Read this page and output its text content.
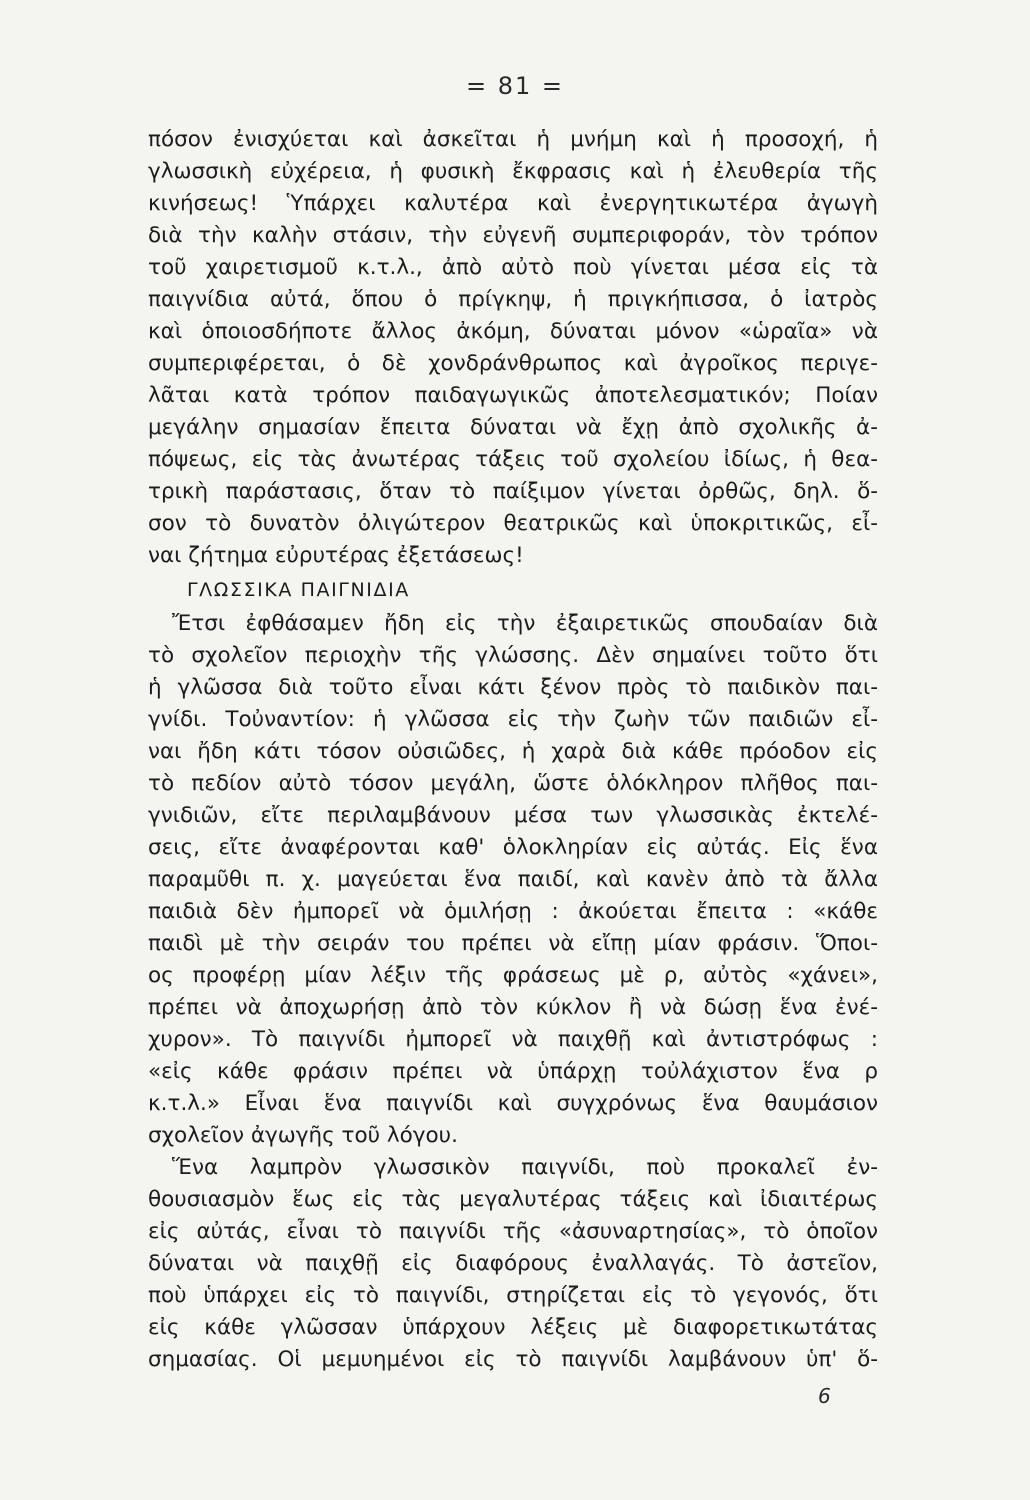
= 81 =
πόσον ἐνισχύεται καὶ ἀσκεῖται ἡ μνήμη καὶ ἡ προσοχή, ἡ
γλωσσικὴ εὐχέρεια, ἡ φυσικὴ ἔκφρασις καὶ ἡ ἐλευθερία τῆς
κινήσεως! Ὑπάρχει καλυτέρα καὶ ἐνεργητικωτέρα ἀγωγὴ
διὰ τὴν καλὴν στάσιν, τὴν εὐγενῆ συμπεριφοράν, τὸν τρόπον
τοῦ χαιρετισμοῦ κ.τ.λ., ἀπὸ αὐτὸ ποὺ γίνεται μέσα εἰς τὰ
παιγνίδια αὐτά, ὅπου ὁ πρίγκηψ, ἡ πριγκήπισσα, ὁ ἰατρὸς
καὶ ὁποιοσδήποτε ἄλλος ἀκόμη, δύναται μόνον «ὡραῖα» νὰ
συμπεριφέρεται, ὁ δὲ χονδράνθρωπος καὶ ἀγροῖκος περιγε-
λᾶται κατὰ τρόπον παιδαγωγικῶς ἀποτελεσματικόν; Ποίαν
μεγάλην σημασίαν ἔπειτα δύναται νὰ ἔχῃ ἀπὸ σχολικῆς ἀ-
πόψεως, εἰς τὰς ἀνωτέρας τάξεις τοῦ σχολείου ἰδίως, ἡ θεα-
τρικὴ παράστασις, ὅταν τὸ παίξιμον γίνεται ὀρθῶς, δηλ. ὅ-
σον τὸ δυνατὸν ὀλιγώτερον θεατρικῶς καὶ ὑποκριτικῶς, εἶ-
ναι ζήτημα εὐρυτέρας ἐξετάσεως!
ΓΛΩΣΣΙΚΑ ΠΑΙΓΝΙΔΙΑ
Ἔτσι ἐφθάσαμεν ἤδη εἰς τὴν ἐξαιρετικῶς σπουδαίαν διὰ
τὸ σχολεῖον περιοχὴν τῆς γλώσσης. Δὲν σημαίνει τοῦτο ὅτι
ἡ γλῶσσα διὰ τοῦτο εἶναι κάτι ξένον πρὸς τὸ παιδικὸν παι-
γνίδι. Τοὐναντίον: ἡ γλῶσσα εἰς τὴν ζωὴν τῶν παιδιῶν εἶ-
ναι ἤδη κάτι τόσον οὐσιῶδες, ἡ χαρὰ διὰ κάθε πρόοδον εἰς
τὸ πεδίον αὐτὸ τόσον μεγάλη, ὥστε ὁλόκληρον πλῆθος παι-
γνιδιῶν, εἴτε περιλαμβάνουν μέσα των γλωσσικὰς ἐκτελέ-
σεις, εἴτε ἀναφέρονται καθ' ὁλοκληρίαν εἰς αὐτάς. Εἰς ἕνα
παραμῦθι π. χ. μαγεύεται ἕνα παιδί, καὶ κανὲν ἀπὸ τὰ ἄλλα
παιδιὰ δὲν ἠμπορεῖ νὰ ὁμιλήσῃ : ἀκούεται ἔπειτα : «κάθε
παιδὶ μὲ τὴν σειράν του πρέπει νὰ εἴπῃ μίαν φράσιν. Ὅποι-
ος προφέρῃ μίαν λέξιν τῆς φράσεως μὲ ρ, αὐτὸς «χάνει»,
πρέπει νὰ ἀποχωρήσῃ ἀπὸ τὸν κύκλον ἢ νὰ δώσῃ ἕνα ἐνέ-
χυρον». Τὸ παιγνίδι ἠμπορεῖ νὰ παιχθῇ καὶ ἀντιστρόφως :
«εἰς κάθε φράσιν πρέπει νὰ ὑπάρχῃ τοὐλάχιστον ἕνα ρ
κ.τ.λ.» Εἶναι ἕνα παιγνίδι καὶ συγχρόνως ἕνα θαυμάσιον
σχολεῖον ἀγωγῆς τοῦ λόγου.
Ἕνα λαμπρὸν γλωσσικὸν παιγνίδι, ποὺ προκαλεῖ ἐν-
θουσιασμὸν ἕως εἰς τὰς μεγαλυτέρας τάξεις καὶ ἰδιαιτέρως
εἰς αὐτάς, εἶναι τὸ παιγνίδι τῆς «ἀσυναρτησίας», τὸ ὁποῖον
δύναται νὰ παιχθῇ εἰς διαφόρους ἐναλλαγάς. Τὸ ἀστεῖον,
ποὺ ὑπάρχει εἰς τὸ παιγνίδι, στηρίζεται εἰς τὸ γεγονός, ὅτι
εἰς κάθε γλῶσσαν ὑπάρχουν λέξεις μὲ διαφορετικωτάτας
σημασίας. Οἱ μεμυημένοι εἰς τὸ παιγνίδι λαμβάνουν ὑπ' ὅ-
6
